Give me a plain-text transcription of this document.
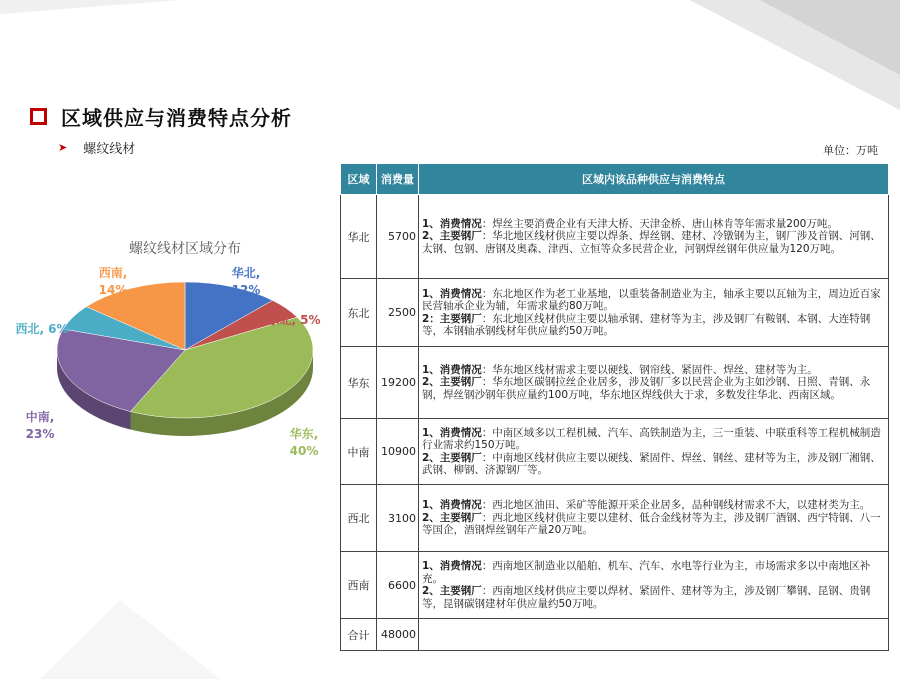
区域供应与消费特点分析
➤ 螺纹线材	单位：万吨
螺纹线材区域分布
华北,
12%
东北, 5%
华东,
40%
中南,
23%
西北, 6%
西南,
14%
区域	消费量	区域内该品种供应与消费特点
华北	5700	1、消费情况：焊丝主要消费企业有天津大桥、天津金桥、唐山林肯等年需求量200万吨。
2、主要钢厂：华北地区线材供应主要以焊条、焊丝钢、建材、冷镦钢为主，钢厂涉及首钢、河钢、太钢、包钢、唐钢及奥森、津西、立恒等众多民营企业，河钢焊丝钢年供应量为120万吨。

东北	2500	1、消费情况：东北地区作为老工业基地，以重装备制造业为主，轴承主要以瓦轴为主，周边近百家民营轴承企业为辅，年需求量约80万吨。
2：主要钢厂：东北地区线材供应主要以轴承钢、建材等为主，涉及钢厂有鞍钢、本钢、大连特钢等，本钢轴承钢线材年供应量约50万吨。

华东	19200	1、消费情况：华东地区线材需求主要以硬线、钢帘线、紧固件、焊丝、建材等为主。
2、主要钢厂：华东地区碳钢拉丝企业居多，涉及钢厂多以民营企业为主如沙钢、日照、青钢、永钢，焊丝钢沙钢年供应量约100万吨，华东地区焊线供大于求，多数发往华北、西南区域。

中南	10900	1、消费情况：中南区域多以工程机械、汽车、高铁制造为主，三一重装、中联重科等工程机械制造行业需求约150万吨。
2、主要钢厂：中南地区线材供应主要以硬线、紧固件、焊丝、钢丝、建材等为主，涉及钢厂湘钢、武钢、柳钢、济源钢厂等。

西北	3100	1、消费情况：西北地区油田、采矿等能源开采企业居多，品种钢线材需求不大，以建材类为主。
2、主要钢厂：西北地区线材供应主要以建材、低合金线材等为主，涉及钢厂酒钢、西宁特钢、八一等国企，酒钢焊丝钢年产量20万吨。

西南	6600	1、消费情况：西南地区制造业以船舶、机车、汽车、水电等行业为主，市场需求多以中南地区补充。
2、主要钢厂：西南地区线材供应主要以焊材、紧固件、建材等为主，涉及钢厂攀钢、昆钢、贵钢等，昆钢碳钢建材年供应量约50万吨。

合计	48000	
